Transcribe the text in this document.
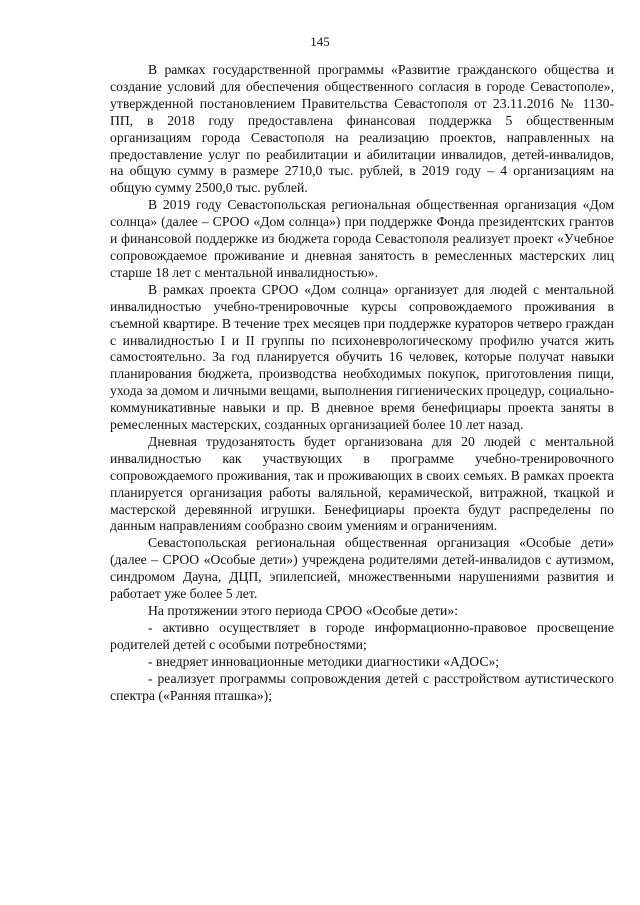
145

В рамках государственной программы «Развитие гражданского общества и создание условий для обеспечения общественного согласия в городе Севастополе», утвержденной постановлением Правительства Севастополя от 23.11.2016 № 1130-ПП, в 2018 году предоставлена финансовая поддержка 5 общественным организациям города Севастополя на реализацию проектов, направленных на предоставление услуг по реабилитации и абилитации инвалидов, детей-инвалидов, на общую сумму в размере 2710,0 тыс. рублей, в 2019 году – 4 организациям на общую сумму 2500,0 тыс. рублей.

В 2019 году Севастопольская региональная общественная организация «Дом солнца» (далее – СРОО «Дом солнца») при поддержке Фонда президентских грантов и финансовой поддержке из бюджета города Севастополя реализует проект «Учебное сопровождаемое проживание и дневная занятость в ремесленных мастерских лиц старше 18 лет с ментальной инвалидностью».

В рамках проекта СРОО «Дом солнца» организует для людей с ментальной инвалидностью учебно-тренировочные курсы сопровождаемого проживания в съемной квартире. В течение трех месяцев при поддержке кураторов четверо граждан с инвалидностью I и II группы по психоневрологическому профилю учатся жить самостоятельно. За год планируется обучить 16 человек, которые получат навыки планирования бюджета, производства необходимых покупок, приготовления пищи, ухода за домом и личными вещами, выполнения гигиенических процедур, социально-коммуникативные навыки и пр. В дневное время бенефициары проекта заняты в ремесленных мастерских, созданных организацией более 10 лет назад.

Дневная трудозанятость будет организована для 20 людей с ментальной инвалидностью как участвующих в программе учебно-тренировочного сопровождаемого проживания, так и проживающих в своих семьях. В рамках проекта планируется организация работы валяльной, керамической, витражной, ткацкой и мастерской деревянной игрушки. Бенефициары проекта будут распределены по данным направлениям сообразно своим умениям и ограничениям.

Севастопольская региональная общественная организация «Особые дети» (далее – СРОО «Особые дети») учреждена родителями детей-инвалидов с аутизмом, синдромом Дауна, ДЦП, эпилепсией, множественными нарушениями развития и работает уже более 5 лет.

На протяжении этого периода СРОО «Особые дети»:

- активно осуществляет в городе информационно-правовое просвещение родителей детей с особыми потребностями;

- внедряет инновационные методики диагностики «АДОС»;

- реализует программы сопровождения детей с расстройством аутистического спектра («Ранняя пташка»);
